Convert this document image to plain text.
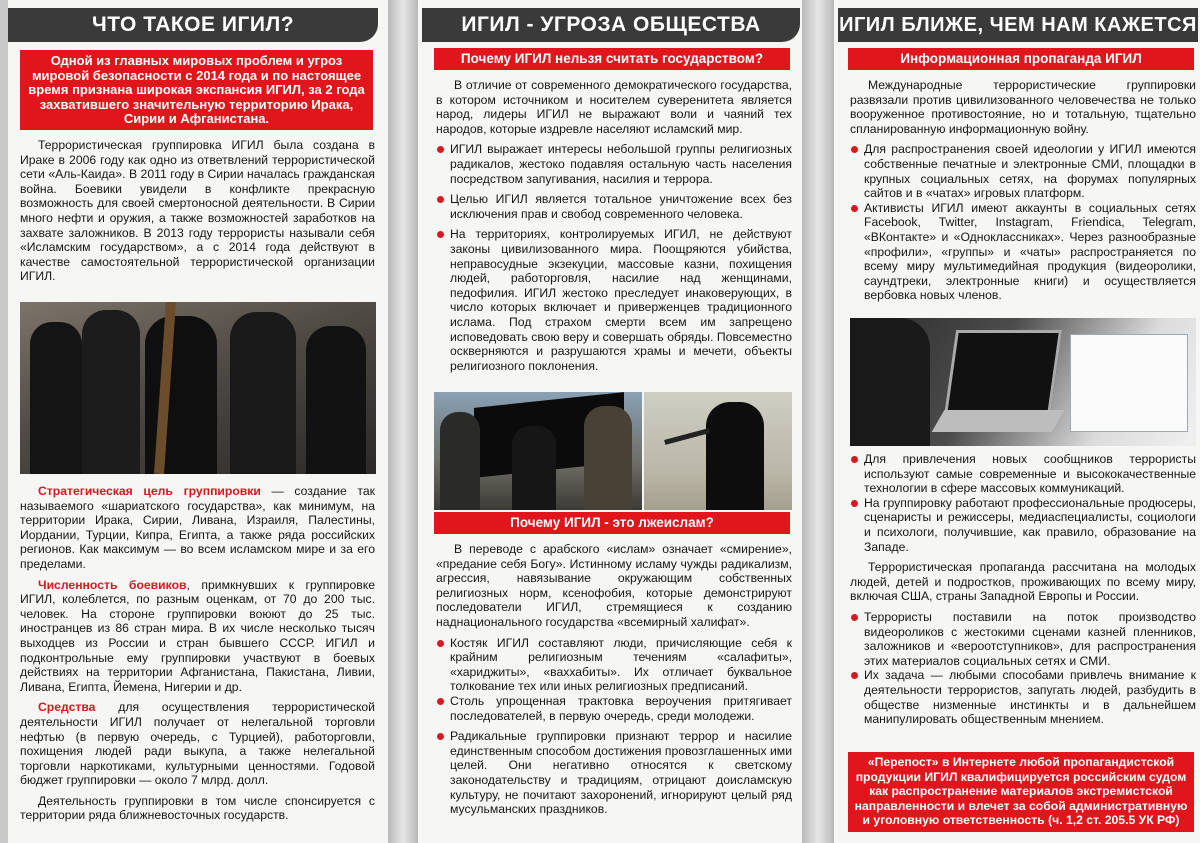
ЧТО ТАКОЕ ИГИЛ?
Одной из главных мировых проблем и угроз мировой безопасности с 2014 года и по настоящее время признана широкая экспансия ИГИЛ, за 2 года захватившего значительную территорию Ирака, Сирии и Афганистана.

Террористическая группировка ИГИЛ была создана в Ираке в 2006 году как одно из ответвлений террористической сети «Аль-Каида». В 2011 году в Сирии началась гражданская война. Боевики увидели в конфликте прекрасную возможность для своей смертоносной деятельности. В Сирии много нефти и оружия, а также возможностей заработков на захвате заложников. В 2013 году террористы называли себя «Исламским государством», а с 2014 года действуют в качестве самостоятельной террористической организации ИГИЛ.

Стратегическая цель группировки — создание так называемого «шариатского государства», как минимум, на территории Ирака, Сирии, Ливана, Израиля, Палестины, Иордании, Турции, Кипра, Египта, а также ряда российских регионов. Как максимум — во всем исламском мире и за его пределами.

Численность боевиков, примкнувших к группировке ИГИЛ, колеблется, по разным оценкам, от 70 до 200 тыс. человек. На стороне группировки воюют до 25 тыс. иностранцев из 86 стран мира. В их числе несколько тысяч выходцев из России и стран бывшего СССР. ИГИЛ и подконтрольные ему группировки участвуют в боевых действиях на территории Афганистана, Пакистана, Ливии, Ливана, Египта, Йемена, Нигерии и др.

Средства для осуществления террористической деятельности ИГИЛ получает от нелегальной торговли нефтью (в первую очередь, с Турцией), работорговли, похищения людей ради выкупа, а также нелегальной торговли наркотиками, культурными ценностями. Годовой бюджет группировки — около 7 млрд. долл.

Деятельность группировки в том числе спонсируется с территории ряда ближневосточных государств.

ИГИЛ - УГРОЗА ОБЩЕСТВА
Почему ИГИЛ нельзя считать государством?

В отличие от современного демократического государства, в котором источником и носителем суверенитета является народ, лидеры ИГИЛ не выражают воли и чаяний тех народов, которые издревле населяют исламский мир.

ИГИЛ выражает интересы небольшой группы религиозных радикалов, жестоко подавляя остальную часть населения посредством запугивания, насилия и террора.

Целью ИГИЛ является тотальное уничтожение всех без исключения прав и свобод современного человека.

На территориях, контролируемых ИГИЛ, не действуют законы цивилизованного мира. Поощряются убийства, неправосудные экзекуции, массовые казни, похищения людей, работорговля, насилие над женщинами, педофилия. ИГИЛ жестоко преследует инаковерующих, в число которых включает и приверженцев традиционного ислама. Под страхом смерти всем им запрещено исповедовать свою веру и совершать обряды. Повсеместно оскверняются и разрушаются храмы и мечети, объекты религиозного поклонения.

Почему ИГИЛ - это лжеислам?

В переводе с арабского «ислам» означает «смирение», «предание себя Богу». Истинному исламу чужды радикализм, агрессия, навязывание окружающим собственных религиозных норм, ксенофобия, которые демонстрируют последователи ИГИЛ, стремящиеся к созданию наднационального государства «всемирный халифат».

Костяк ИГИЛ составляют люди, причисляющие себя к крайним религиозным течениям «салафиты», «хариджиты», «ваххабиты». Их отличает буквальное толкование тех или иных религиозных предписаний.

Столь упрощенная трактовка вероучения притягивает последователей, в первую очередь, среди молодежи.

Радикальные группировки признают террор и насилие единственным способом достижения провозглашенных ими целей. Они негативно относятся к светскому законодательству и традициям, отрицают доисламскую культуру, не почитают захоронений, игнорируют целый ряд мусульманских праздников.

ИГИЛ БЛИЖЕ, ЧЕМ НАМ КАЖЕТСЯ
Информационная пропаганда ИГИЛ

Международные террористические группировки развязали против цивилизованного человечества не только вооруженное противостояние, но и тотальную, тщательно спланированную информационную войну.

Для распространения своей идеологии у ИГИЛ имеются собственные печатные и электронные СМИ, площадки в крупных социальных сетях, на форумах популярных сайтов и в «чатах» игровых платформ.

Активисты ИГИЛ имеют аккаунты в социальных сетях Facebook, Twitter, Instagram, Friendica, Telegram, «ВКонтакте» и «Одноклассниках». Через разнообразные «профили», «группы» и «чаты» распространяется по всему миру мультимедийная продукция (видеоролики, саундтреки, электронные книги) и осуществляется вербовка новых членов.

Для привлечения новых сообщников террористы используют самые современные и высококачественные технологии в сфере массовых коммуникаций.

На группировку работают профессиональные продюсеры, сценаристы и режиссеры, медиаспециалисты, социологи и психологи, получившие, как правило, образование на Западе.

Террористическая пропаганда рассчитана на молодых людей, детей и подростков, проживающих по всему миру, включая США, страны Западной Европы и России.

Террористы поставили на поток производство видеороликов с жестокими сценами казней пленников, заложников и «вероотступников», для распространения этих материалов социальных сетях и СМИ.

Их задача — любыми способами привлечь внимание к деятельности террористов, запугать людей, разбудить в обществе низменные инстинкты и в дальнейшем манипулировать общественным мнением.

«Перепост» в Интернете любой пропагандистской продукции ИГИЛ квалифицируется российским судом как распространение материалов экстремистской направленности и влечет за собой административную и уголовную ответственность (ч. 1,2 ст. 205.5 УК РФ)
